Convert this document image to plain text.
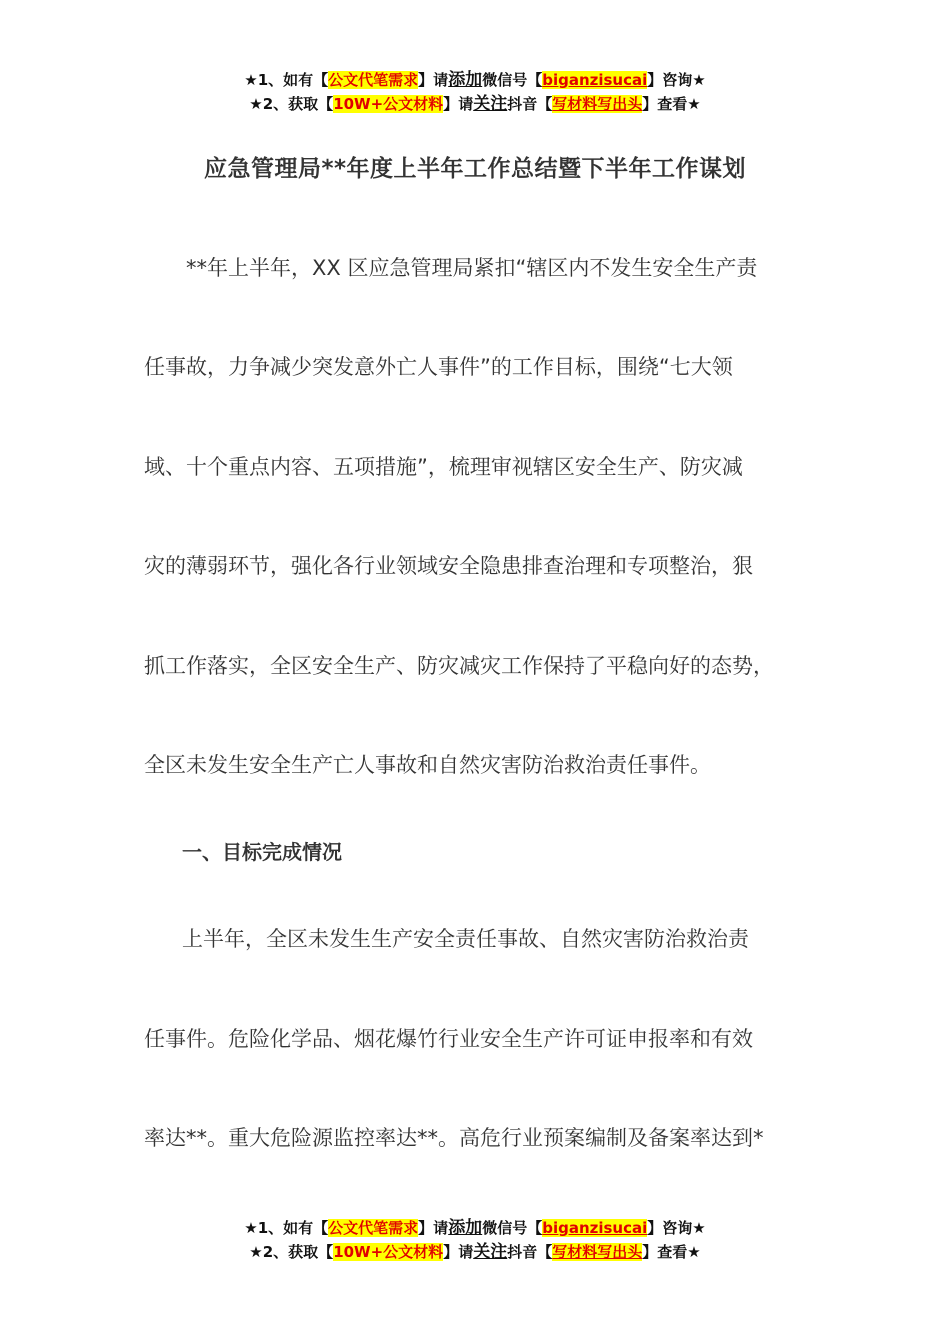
★1、如有【公文代笔需求】请添加微信号【biganzisucai】咨询★
★2、获取【10W+公文材料】请关注抖音【写材料写出头】查看★
应急管理局**年度上半年工作总结暨下半年工作谋划
**年上半年，XX 区应急管理局紧扣“辖区内不发生安全生产责
任事故，力争减少突发意外亡人事件”的工作目标，围绕“七大领
域、十个重点内容、五项措施”，梳理审视辖区安全生产、防灾减
灾的薄弱环节，强化各行业领域安全隐患排查治理和专项整治，狠
抓工作落实，全区安全生产、防灾减灾工作保持了平稳向好的态势，
全区未发生安全生产亡人事故和自然灾害防治救治责任事件。
一、目标完成情况
上半年，全区未发生生产安全责任事故、自然灾害防治救治责
任事件。危险化学品、烟花爆竹行业安全生产许可证申报率和有效
率达**。重大危险源监控率达**。高危行业预案编制及备案率达到*
★1、如有【公文代笔需求】请添加微信号【biganzisucai】咨询★
★2、获取【10W+公文材料】请关注抖音【写材料写出头】查看★
